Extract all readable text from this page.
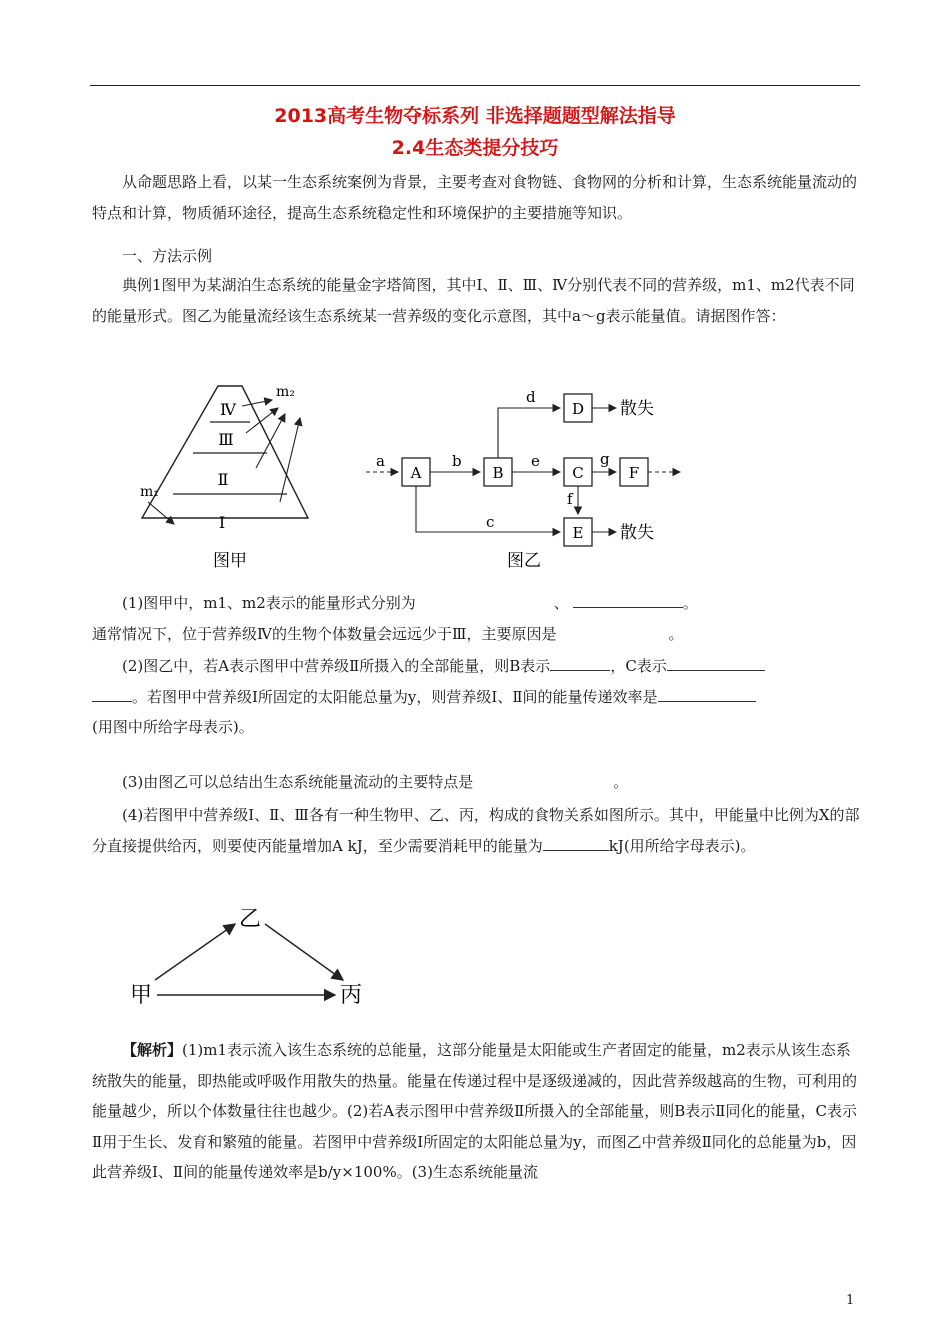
2013高考生物夺标系列 非选择题题型解法指导
2.4生态类提分技巧

从命题思路上看，以某一生态系统案例为背景，主要考查对食物链、食物网的分析和计算，生态系统能量流动的特点和计算，物质循环途径，提高生态系统稳定性和环境保护的主要措施等知识。

一、方法示例

典例1图甲为某湖泊生态系统的能量金字塔简图，其中Ⅰ、Ⅱ、Ⅲ、Ⅳ分别代表不同的营养级，m1、m2代表不同的能量形式。图乙为能量流经该生态系统某一营养级的变化示意图，其中a～g表示能量值。请据图作答：

Ⅳ
Ⅲ
Ⅱ
Ⅰ
m₂
m₁
图甲
a
A
b
B
e
C
g
F
d
D 散失
f
c
E 散失
图乙

(1)图甲中，m1、m2表示的能量形式分别为	、	。

通常情况下，位于营养级Ⅳ的生物个体数量会远远少于Ⅲ，主要原因是	。

(2)图乙中，若A表示图甲中营养级Ⅱ所摄入的全部能量，则B表示	，C表示
。若图甲中营养级Ⅰ所固定的太阳能总量为y，则营养级Ⅰ、Ⅱ间的能量传递效率是
(用图中所给字母表示)。

(3)由图乙可以总结出生态系统能量流动的主要特点是	。

(4)若图甲中营养级Ⅰ、Ⅱ、Ⅲ各有一种生物甲、乙、丙，构成的食物关系如图所示。其中，甲能量中比例为X的部分直接提供给丙，则要使丙能量增加A kJ，至少需要消耗甲的能量为	kJ(用所给字母表示)。

乙
甲	丙

【解析】(1)m1表示流入该生态系统的总能量，这部分能量是太阳能或生产者固定的能量，m2表示从该生态系统散失的能量，即热能或呼吸作用散失的热量。能量在传递过程中是逐级递减的，因此营养级越高的生物，可利用的能量越少，所以个体数量往往也越少。(2)若A表示图甲中营养级Ⅱ所摄入的全部能量，则B表示Ⅱ同化的能量，C表示Ⅱ用于生长、发育和繁殖的能量。若图甲中营养级Ⅰ所固定的太阳能总量为y，而图乙中营养级Ⅱ同化的总能量为b，因此营养级Ⅰ、Ⅱ间的能量传递效率是b/y×100%。(3)生态系统能量流

1
